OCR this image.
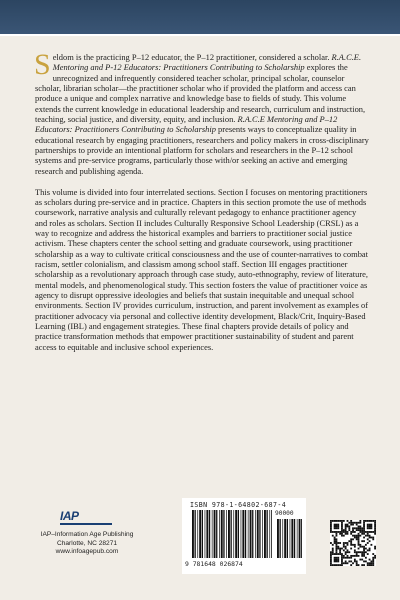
Seldom is the practicing P–12 educator, the P–12 practitioner, considered a scholar. R.A.C.E. Mentoring and P-12 Educators: Practitioners Contributing to Scholarship explores the unrecognized and infrequently considered teacher scholar, principal scholar, counselor scholar, librarian scholar—the practitioner scholar who if provided the platform and access can produce a unique and complex narrative and knowledge base to fields of study. This volume extends the current knowledge in educational leadership and research, curriculum and instruction, teaching, social justice, and diversity, equity, and inclusion. R.A.C.E Mentoring and P–12 Educators: Practitioners Contributing to Scholarship presents ways to conceptualize quality in educational research by engaging practitioners, researchers and policy makers in cross-disciplinary partnerships to provide an intentional platform for scholars and researchers in the P–12 school systems and pre-service programs, particularly those with/or seeking an active and emerging research and publishing agenda.

This volume is divided into four interrelated sections. Section I focuses on mentoring practitioners as scholars during pre-service and in practice. Chapters in this section promote the use of methods coursework, narrative analysis and culturally relevant pedagogy to enhance practitioner agency and roles as scholars. Section II includes Culturally Responsive School Leadership (CRSL) as a way to recognize and address the historical examples and barriers to practitioner social justice activism. These chapters center the school setting and graduate coursework, using practitioner scholarship as a way to cultivate critical consciousness and the use of counter-narratives to combat racism, settler colonialism, and classism among school staff. Section III engages practitioner scholarship as a revolutionary approach through case study, auto-ethnography, review of literature, mental models, and phenomenological study. This section fosters the value of practitioner voice as agency to disrupt oppressive ideologies and beliefs that sustain inequitable and unequal school environments. Section IV provides curriculum, instruction, and parent involvement as examples of practitioner advocacy via personal and collective identity development, Black/Crit, Inquiry-Based Learning (IBL) and engagement strategies. These final chapters provide details of policy and practice transformation methods that empower practitioner sustainability of student and parent access to equitable and inclusive school experiences.

IAP
IAP–Information Age Publishing
Charlotte, NC 28271
www.infoagepub.com
ISBN 978-1-64802-687-4
90000
9 781648 026874
